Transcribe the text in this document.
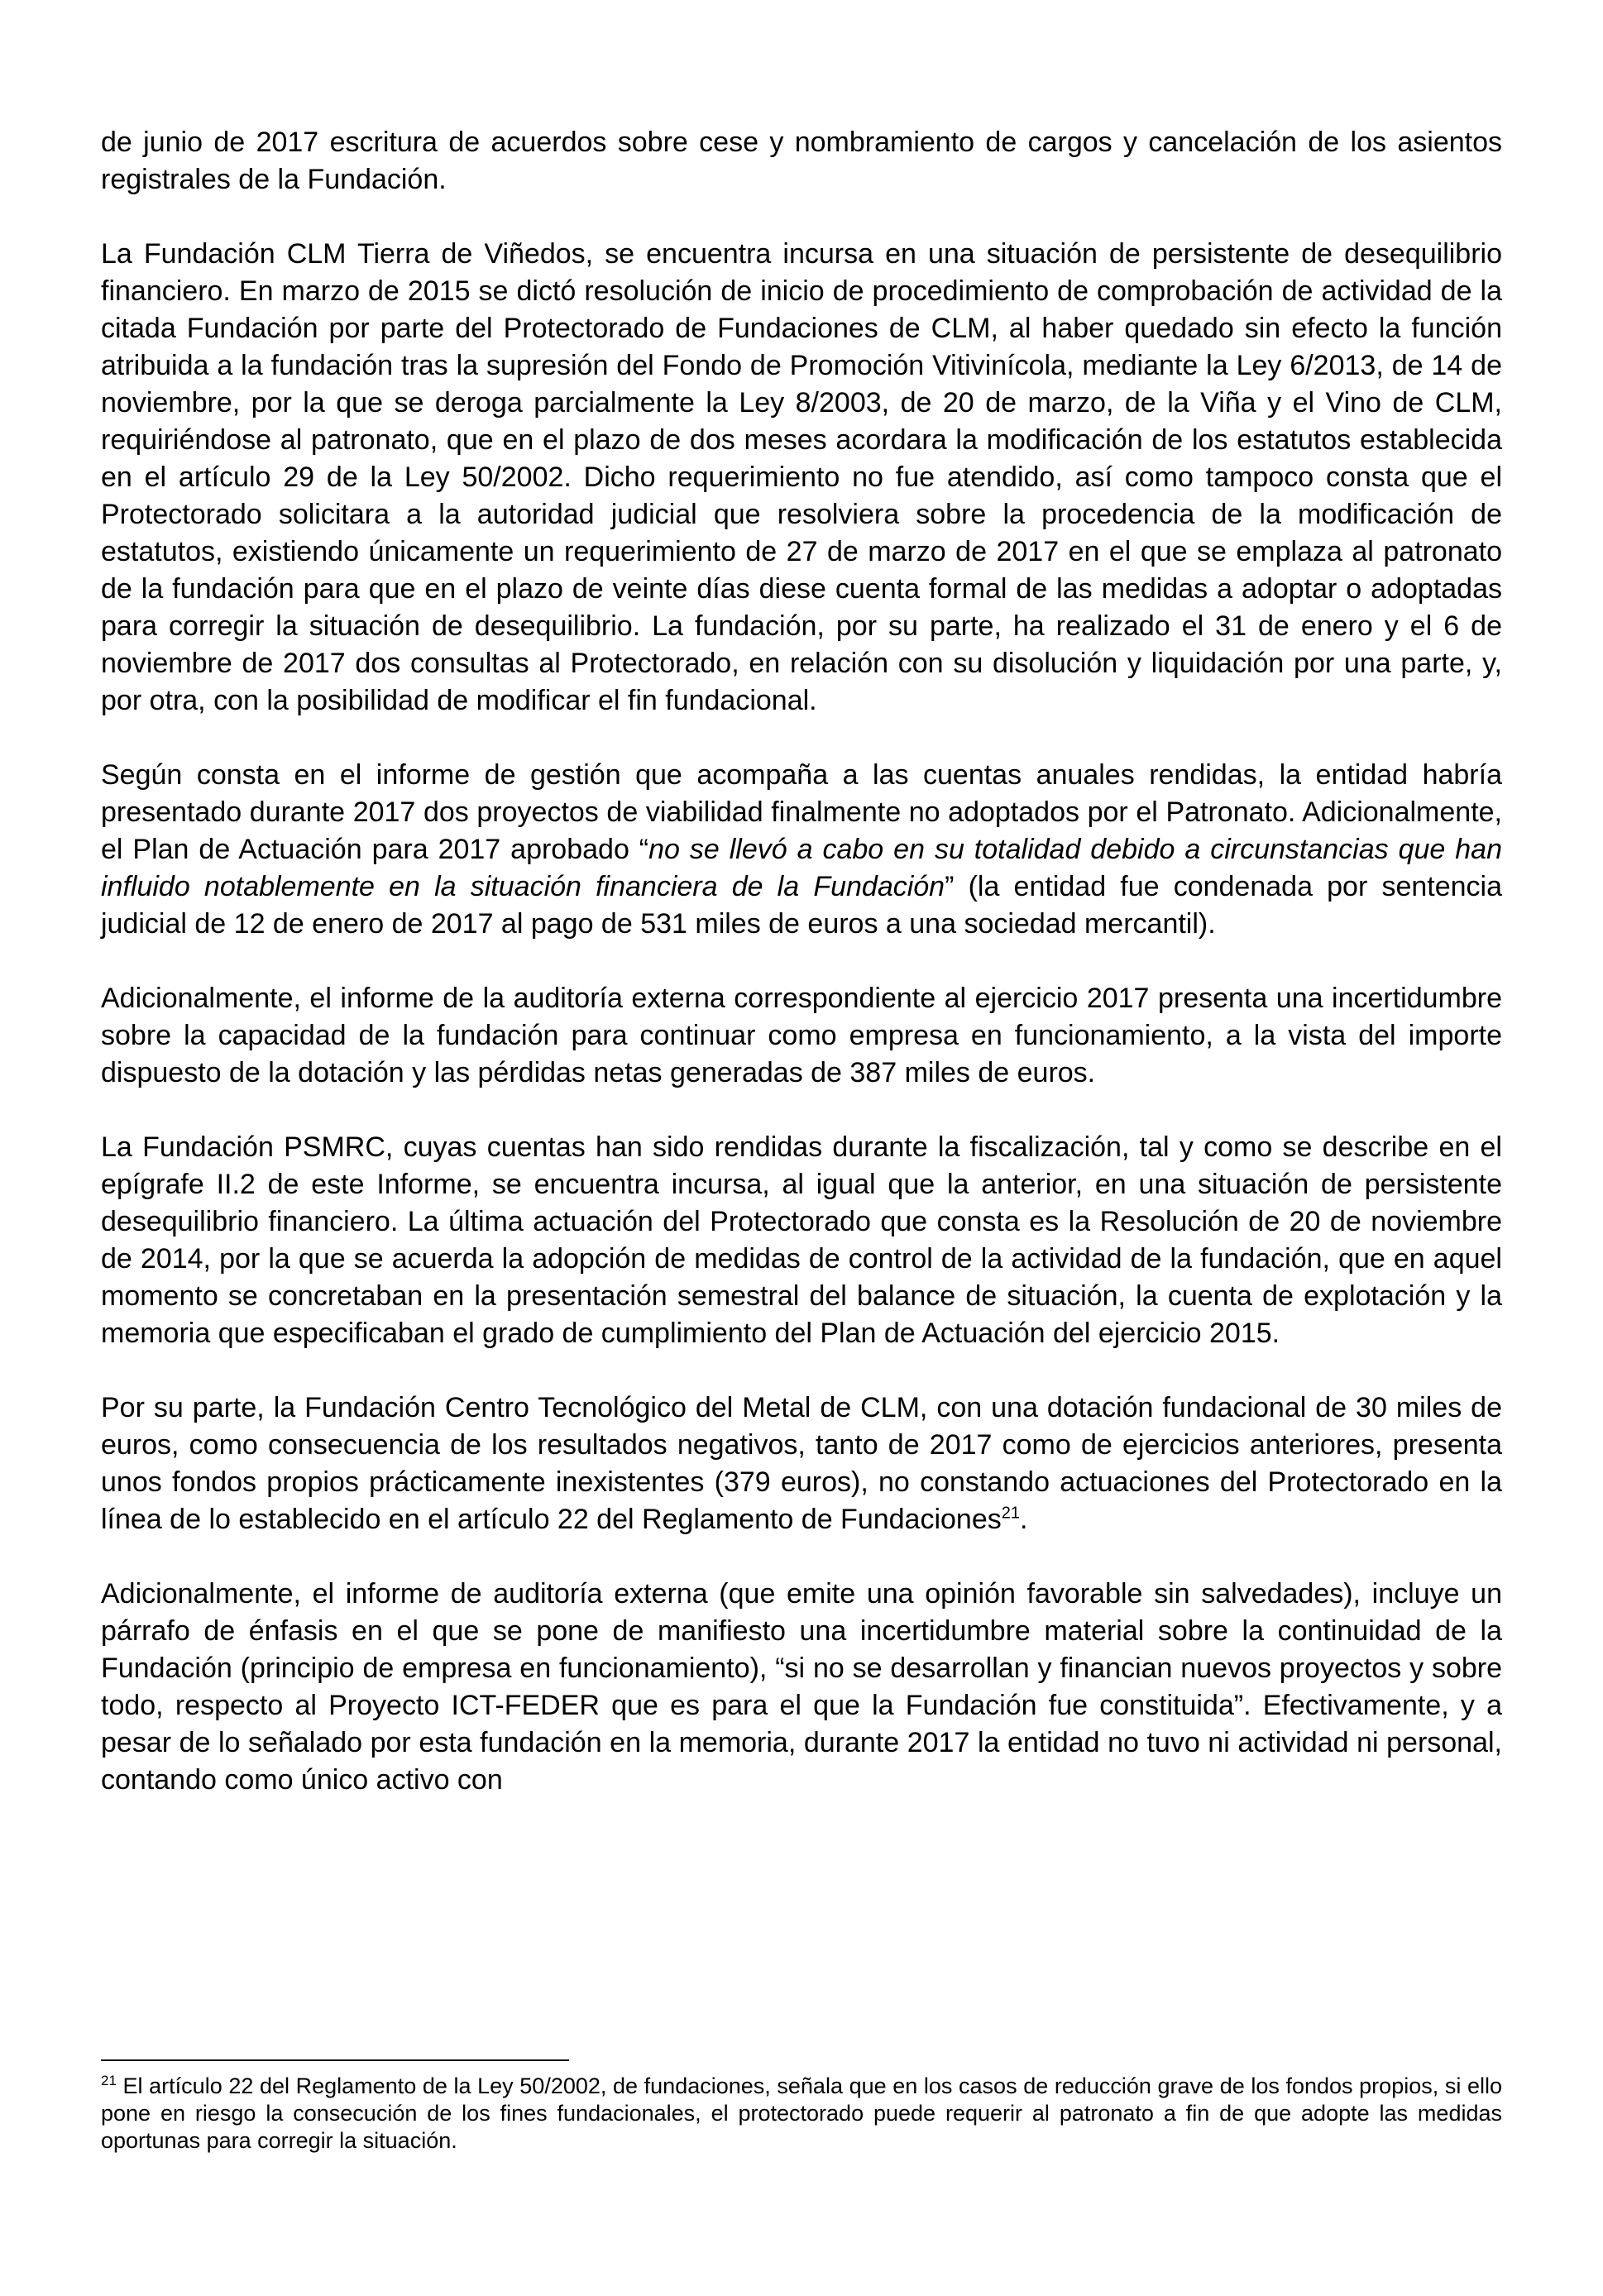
de junio de 2017 escritura de acuerdos sobre cese y nombramiento de cargos y cancelación de los asientos registrales de la Fundación.

La Fundación CLM Tierra de Viñedos, se encuentra incursa en una situación de persistente de desequilibrio financiero. En marzo de 2015 se dictó resolución de inicio de procedimiento de comprobación de actividad de la citada Fundación por parte del Protectorado de Fundaciones de CLM, al haber quedado sin efecto la función atribuida a la fundación tras la supresión del Fondo de Promoción Vitivinícola, mediante la Ley 6/2013, de 14 de noviembre, por la que se deroga parcialmente la Ley 8/2003, de 20 de marzo, de la Viña y el Vino de CLM, requiriéndose al patronato, que en el plazo de dos meses acordara la modificación de los estatutos establecida en el artículo 29 de la Ley 50/2002. Dicho requerimiento no fue atendido, así como tampoco consta que el Protectorado solicitara a la autoridad judicial que resolviera sobre la procedencia de la modificación de estatutos, existiendo únicamente un requerimiento de 27 de marzo de 2017 en el que se emplaza al patronato de la fundación para que en el plazo de veinte días diese cuenta formal de las medidas a adoptar o adoptadas para corregir la situación de desequilibrio. La fundación, por su parte, ha realizado el 31 de enero y el 6 de noviembre de 2017 dos consultas al Protectorado, en relación con su disolución y liquidación por una parte, y, por otra, con la posibilidad de modificar el fin fundacional.

Según consta en el informe de gestión que acompaña a las cuentas anuales rendidas, la entidad habría presentado durante 2017 dos proyectos de viabilidad finalmente no adoptados por el Patronato. Adicionalmente, el Plan de Actuación para 2017 aprobado “no se llevó a cabo en su totalidad debido a circunstancias que han influido notablemente en la situación financiera de la Fundación” (la entidad fue condenada por sentencia judicial de 12 de enero de 2017 al pago de 531 miles de euros a una sociedad mercantil).

Adicionalmente, el informe de la auditoría externa correspondiente al ejercicio 2017 presenta una incertidumbre sobre la capacidad de la fundación para continuar como empresa en funcionamiento, a la vista del importe dispuesto de la dotación y las pérdidas netas generadas de 387 miles de euros.

La Fundación PSMRC, cuyas cuentas han sido rendidas durante la fiscalización, tal y como se describe en el epígrafe II.2 de este Informe, se encuentra incursa, al igual que la anterior, en una situación de persistente desequilibrio financiero. La última actuación del Protectorado que consta es la Resolución de 20 de noviembre de 2014, por la que se acuerda la adopción de medidas de control de la actividad de la fundación, que en aquel momento se concretaban en la presentación semestral del balance de situación, la cuenta de explotación y la memoria que especificaban el grado de cumplimiento del Plan de Actuación del ejercicio 2015.

Por su parte, la Fundación Centro Tecnológico del Metal de CLM, con una dotación fundacional de 30 miles de euros, como consecuencia de los resultados negativos, tanto de 2017 como de ejercicios anteriores, presenta unos fondos propios prácticamente inexistentes (379 euros), no constando actuaciones del Protectorado en la línea de lo establecido en el artículo 22 del Reglamento de Fundaciones$^{21}$.

Adicionalmente, el informe de auditoría externa (que emite una opinión favorable sin salvedades), incluye un párrafo de énfasis en el que se pone de manifiesto una incertidumbre material sobre la continuidad de la Fundación (principio de empresa en funcionamiento), “si no se desarrollan y financian nuevos proyectos y sobre todo, respecto al Proyecto ICT-FEDER que es para el que la Fundación fue constituida”. Efectivamente, y a pesar de lo señalado por esta fundación en la memoria, durante 2017 la entidad no tuvo ni actividad ni personal, contando como único activo con

$^{21}$ El artículo 22 del Reglamento de la Ley 50/2002, de fundaciones, señala que en los casos de reducción grave de los fondos propios, si ello pone en riesgo la consecución de los fines fundacionales, el protectorado puede requerir al patronato a fin de que adopte las medidas oportunas para corregir la situación.
